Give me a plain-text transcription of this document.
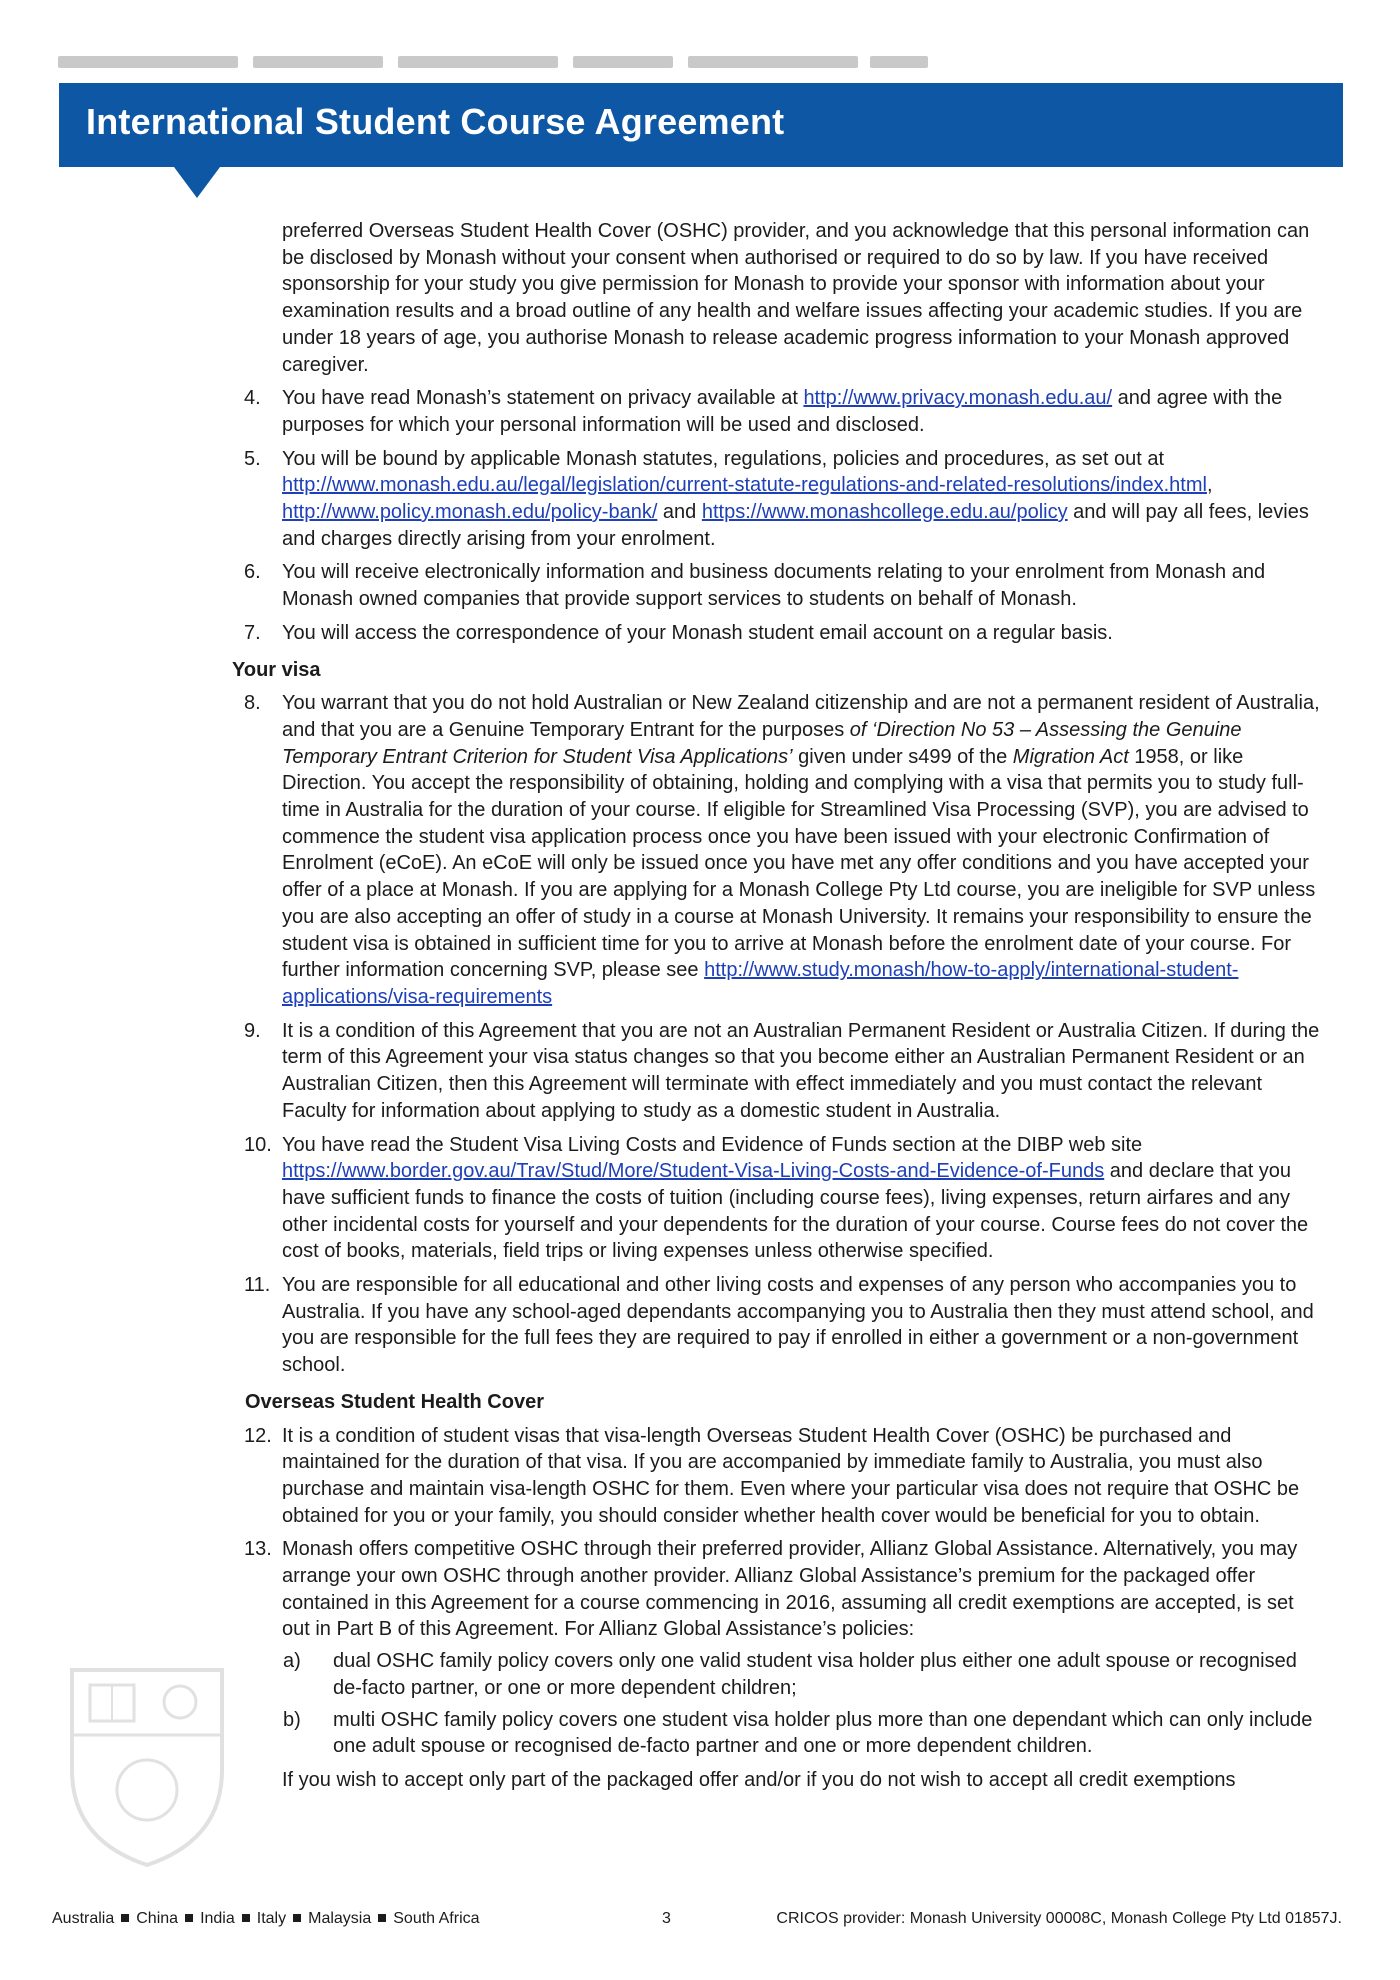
International Student Course Agreement
preferred Overseas Student Health Cover (OSHC) provider, and you acknowledge that this personal information can be disclosed by Monash without your consent when authorised or required to do so by law. If you have received sponsorship for your study you give permission for Monash to provide your sponsor with information about your examination results and a broad outline of any health and welfare issues affecting your academic studies. If you are under 18 years of age, you authorise Monash to release academic progress information to your Monash approved caregiver.
4.	You have read Monash’s statement on privacy available at http://www.privacy.monash.edu.au/ and agree with the purposes for which your personal information will be used and disclosed.
5.	You will be bound by applicable Monash statutes, regulations, policies and procedures, as set out at http://www.monash.edu.au/legal/legislation/current-statute-regulations-and-related-resolutions/index.html, http://www.policy.monash.edu/policy-bank/ and https://www.monashcollege.edu.au/policy and will pay all fees, levies and charges directly arising from your enrolment.
6.	You will receive electronically information and business documents relating to your enrolment from Monash and Monash owned companies that provide support services to students on behalf of Monash.
7.	You will access the correspondence of your Monash student email account on a regular basis.
Your visa
8.	You warrant that you do not hold Australian or New Zealand citizenship and are not a permanent resident of Australia, and that you are a Genuine Temporary Entrant for the purposes of ‘Direction No 53 – Assessing the Genuine Temporary Entrant Criterion for Student Visa Applications’ given under s499 of the Migration Act 1958, or like Direction. You accept the responsibility of obtaining, holding and complying with a visa that permits you to study full-time in Australia for the duration of your course. If eligible for Streamlined Visa Processing (SVP), you are advised to commence the student visa application process once you have been issued with your electronic Confirmation of Enrolment (eCoE). An eCoE will only be issued once you have met any offer conditions and you have accepted your offer of a place at Monash. If you are applying for a Monash College Pty Ltd course, you are ineligible for SVP unless you are also accepting an offer of study in a course at Monash University. It remains your responsibility to ensure the student visa is obtained in sufficient time for you to arrive at Monash before the enrolment date of your course. For further information concerning SVP, please see http://www.study.monash/how-to-apply/international-student-applications/visa-requirements
9.	It is a condition of this Agreement that you are not an Australian Permanent Resident or Australia Citizen. If during the term of this Agreement your visa status changes so that you become either an Australian Permanent Resident or an Australian Citizen, then this Agreement will terminate with effect immediately and you must contact the relevant Faculty for information about applying to study as a domestic student in Australia.
10. You have read the Student Visa Living Costs and Evidence of Funds section at the DIBP web site https://www.border.gov.au/Trav/Stud/More/Student-Visa-Living-Costs-and-Evidence-of-Funds and declare that you have sufficient funds to finance the costs of tuition (including course fees), living expenses, return airfares and any other incidental costs for yourself and your dependents for the duration of your course. Course fees do not cover the cost of books, materials, field trips or living expenses unless otherwise specified.
11. You are responsible for all educational and other living costs and expenses of any person who accompanies you to Australia. If you have any school-aged dependants accompanying you to Australia then they must attend school, and you are responsible for the full fees they are required to pay if enrolled in either a government or a non-government school.
Overseas Student Health Cover
12. It is a condition of student visas that visa-length Overseas Student Health Cover (OSHC) be purchased and maintained for the duration of that visa. If you are accompanied by immediate family to Australia, you must also purchase and maintain visa-length OSHC for them. Even where your particular visa does not require that OSHC be obtained for you or your family, you should consider whether health cover would be beneficial for you to obtain.
13. Monash offers competitive OSHC through their preferred provider, Allianz Global Assistance. Alternatively, you may arrange your own OSHC through another provider. Allianz Global Assistance’s premium for the packaged offer contained in this Agreement for a course commencing in 2016, assuming all credit exemptions are accepted, is set out in Part B of this Agreement. For Allianz Global Assistance’s policies:
a) dual OSHC family policy covers only one valid student visa holder plus either one adult spouse or recognised de-facto partner, or one or more dependent children;
b) multi OSHC family policy covers one student visa holder plus more than one dependant which can only include one adult spouse or recognised de-facto partner and one or more dependent children.
If you wish to accept only part of the packaged offer and/or if you do not wish to accept all credit exemptions
Australia China India Italy Malaysia South Africa	3	CRICOS provider: Monash University 00008C, Monash College Pty Ltd 01857J.
